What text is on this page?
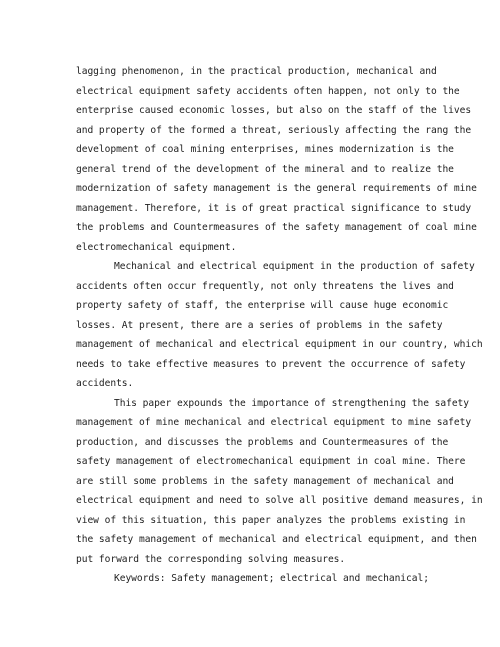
lagging phenomenon, in the practical production, mechanical and
electrical equipment safety accidents often happen, not only to the
enterprise caused economic losses, but also on the staff of the lives
and property of the formed a threat, seriously affecting the rang the
development of coal mining enterprises, mines modernization is the
general trend of the development of the mineral and to realize the
modernization of safety management is the general requirements of mine
management. Therefore, it is of great practical significance to study
the problems and Countermeasures of the safety management of coal mine
electromechanical equipment.
Mechanical and electrical equipment in the production of safety
accidents often occur frequently, not only threatens the lives and
property safety of staff, the enterprise will cause huge economic
losses. At present, there are a series of problems in the safety
management of mechanical and electrical equipment in our country, which
needs to take effective measures to prevent the occurrence of safety
accidents.
This paper expounds the importance of strengthening the safety
management of mine mechanical and electrical equipment to mine safety
production, and discusses the problems and Countermeasures of the
safety management of electromechanical equipment in coal mine. There
are still some problems in the safety management of mechanical and
electrical equipment and need to solve all positive demand measures, in
view of this situation, this paper analyzes the problems existing in
the safety management of mechanical and electrical equipment, and then
put forward the corresponding solving measures.
Keywords: Safety management; electrical and mechanical;
